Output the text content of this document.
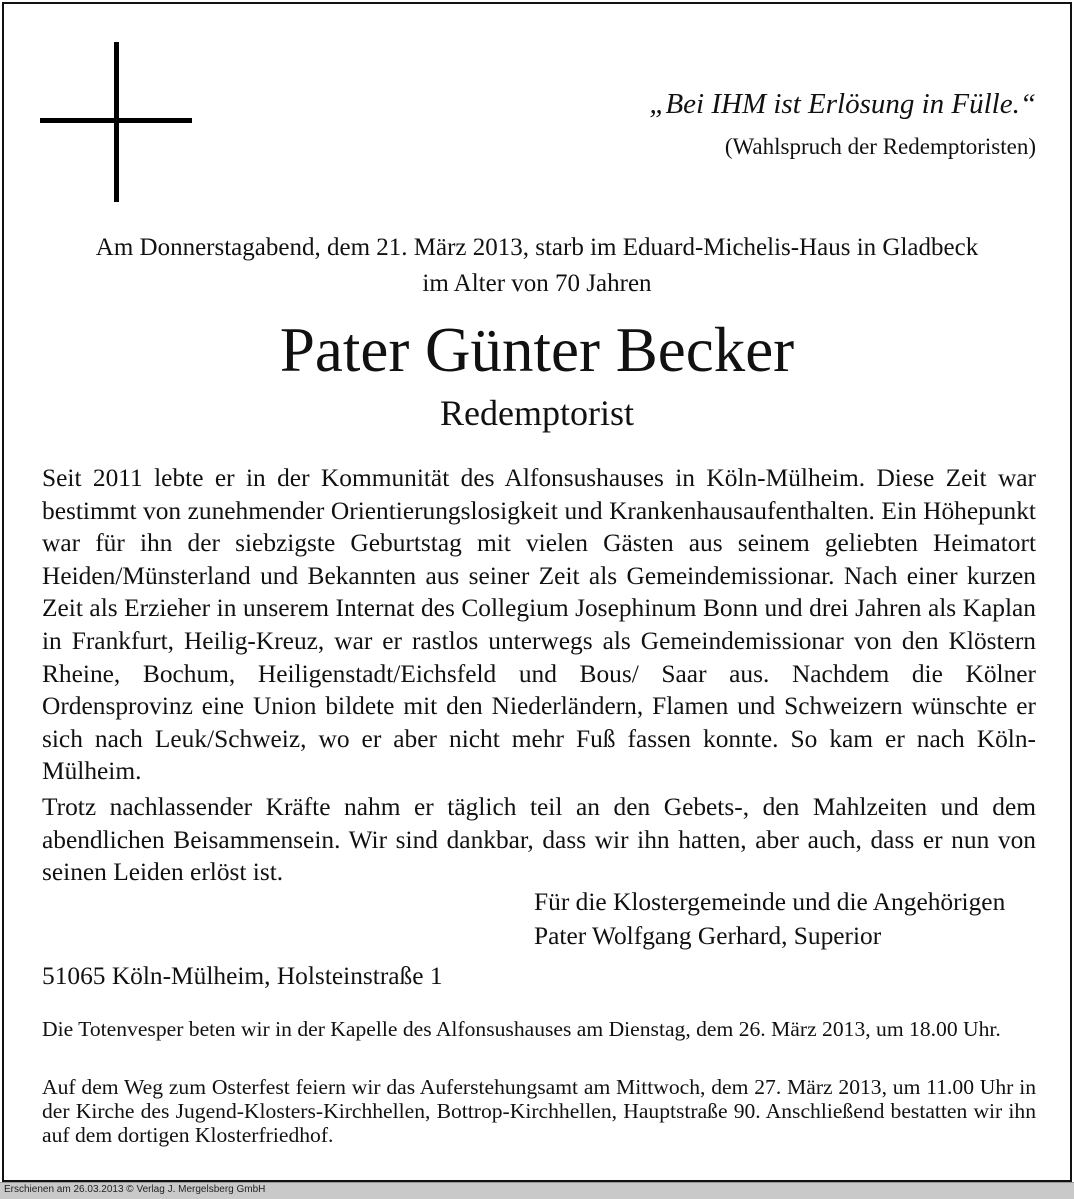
„Bei IHM ist Erlösung in Fülle.“
(Wahlspruch der Redemptoristen)
Am Donnerstagabend, dem 21. März 2013, starb im Eduard-Michelis-Haus in Gladbeck
im Alter von 70 Jahren
Pater Günter Becker
Redemptorist

Seit 2011 lebte er in der Kommunität des Alfonsushauses in Köln-Mülheim. Diese Zeit war bestimmt von zunehmender Orientierungslosigkeit und Krankenhausaufenthalten. Ein Höhepunkt war für ihn der siebzigste Geburtstag mit vielen Gästen aus seinem geliebten Heimatort Heiden/Münsterland und Bekannten aus seiner Zeit als Gemeindemissionar. Nach einer kurzen Zeit als Erzieher in unserem Internat des Collegium Josephinum Bonn und drei Jahren als Kaplan in Frankfurt, Heilig-Kreuz, war er rastlos unterwegs als Gemeindemissionar von den Klöstern Rheine, Bochum, Heiligenstadt/Eichsfeld und Bous/ Saar aus. Nachdem die Kölner Ordensprovinz eine Union bildete mit den Niederländern, Flamen und Schweizern wünschte er sich nach Leuk/Schweiz, wo er aber nicht mehr Fuß fassen konnte. So kam er nach Köln-Mülheim.

Trotz nachlassender Kräfte nahm er täglich teil an den Gebets-, den Mahlzeiten und dem abendlichen Beisammensein. Wir sind dankbar, dass wir ihn hatten, aber auch, dass er nun von seinen Leiden erlöst ist.

Für die Klostergemeinde und die Angehörigen
Pater Wolfgang Gerhard, Superior
51065 Köln-Mülheim, Holsteinstraße 1

Die Totenvesper beten wir in der Kapelle des Alfonsushauses am Dienstag, dem 26. März 2013, um 18.00 Uhr.

Auf dem Weg zum Osterfest feiern wir das Auferstehungsamt am Mittwoch, dem 27. März 2013, um 11.00 Uhr in der Kirche des Jugend-Klosters-Kirchhellen, Bottrop-Kirchhellen, Hauptstraße 90. Anschließend bestatten wir ihn auf dem dortigen Klosterfriedhof.

Erschienen am 26.03.2013 © Verlag J. Mergelsberg GmbH
